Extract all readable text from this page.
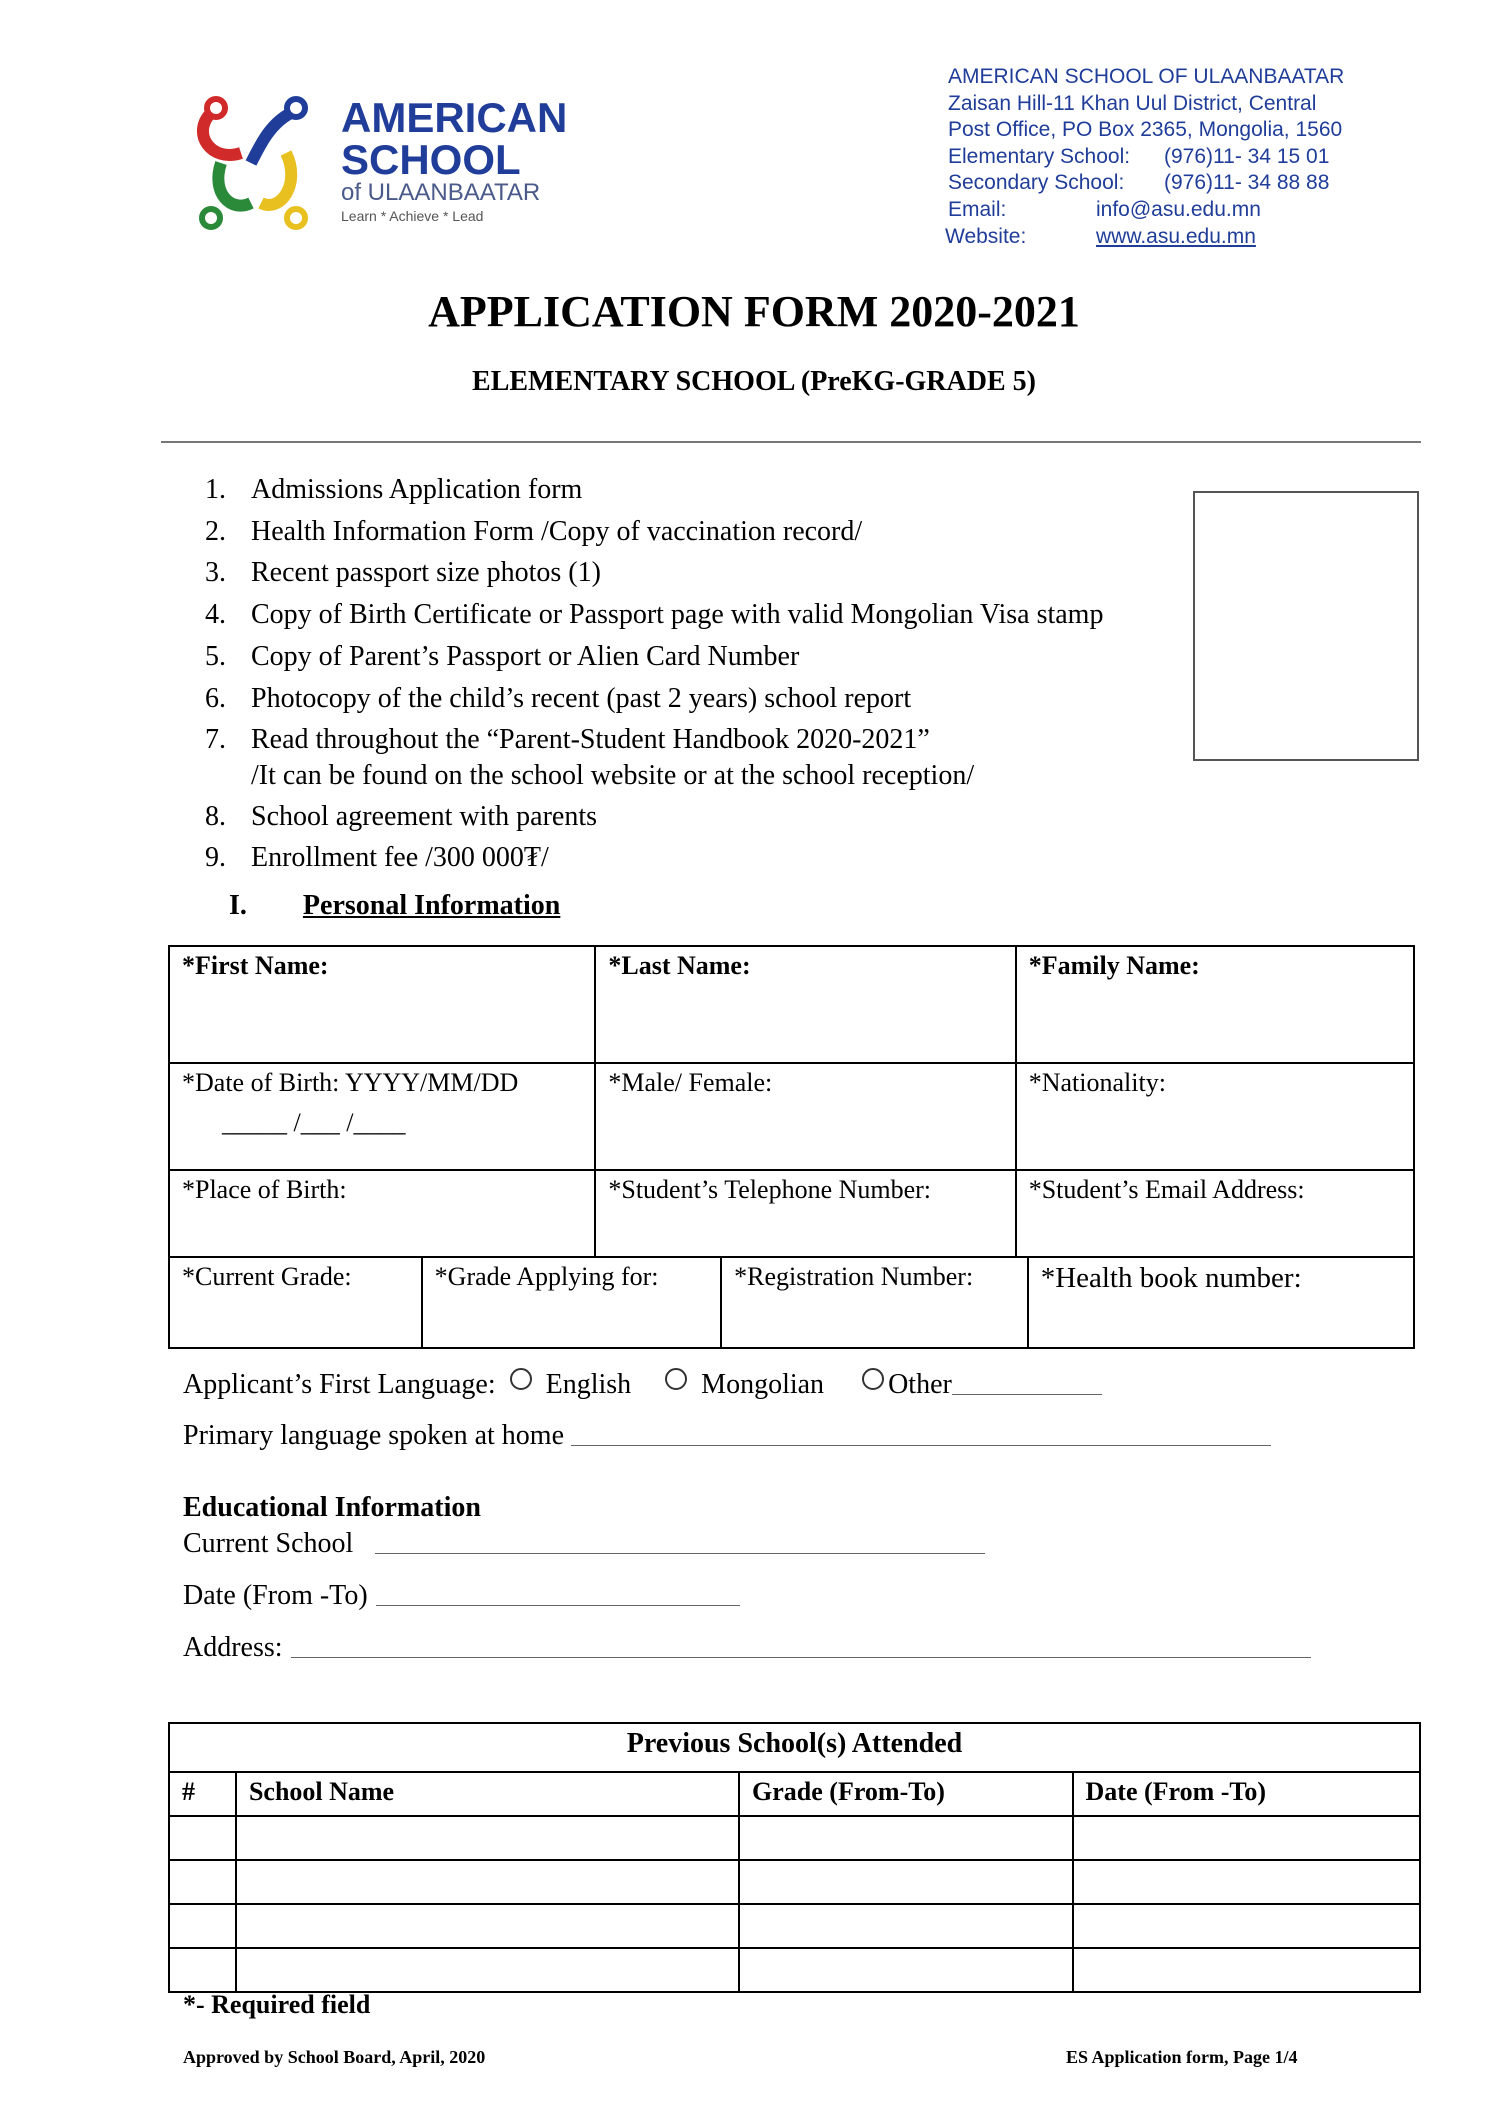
AMERICAN
SCHOOL
of ULAANBAATAR
Learn * Achieve * Lead
AMERICAN SCHOOL OF ULAANBAATAR
Zaisan Hill-11 Khan Uul District, Central
Post Office, PO Box 2365, Mongolia, 1560
Elementary School:	(976)11- 34 15 01
Secondary School:	(976)11- 34 88 88
Email:	info@asu.edu.mn
Website:	www.asu.edu.mn
APPLICATION FORM 2020-2021
ELEMENTARY SCHOOL (PreKG-GRADE 5)
1. Admissions Application form
2. Health Information Form /Copy of vaccination record/
3. Recent passport size photos (1)
4. Copy of Birth Certificate or Passport page with valid Mongolian Visa stamp
5. Copy of Parent’s Passport or Alien Card Number
6. Photocopy of the child’s recent (past 2 years) school report
7. Read throughout the “Parent-Student Handbook 2020-2021”
/It can be found on the school website or at the school reception/
8. School agreement with parents
9. Enrollment fee /300 000₮/
I. Personal Information
*First Name:		*Last Name:		*Family Name:	

*Date of Birth: YYYY/MM/DD
_____ /___ /____		*Male/ Female:		*Nationality:	
*Place of Birth:		*Student’s Telephone Number:		*Student’s Email Address:	
*Current Grade:	*Grade Applying for:		*Registration Number:		*Health book number:
Applicant’s First Language: English	Mongolian Other
Primary language spoken at home
Educational Information
Current School
Date (From -To)
Address:
Previous School(s) Attended			
#	School Name	Grade (From-To)	Date (From -To)

*- Required field
Approved by School Board, April, 2020	ES Application form, Page 1/4
